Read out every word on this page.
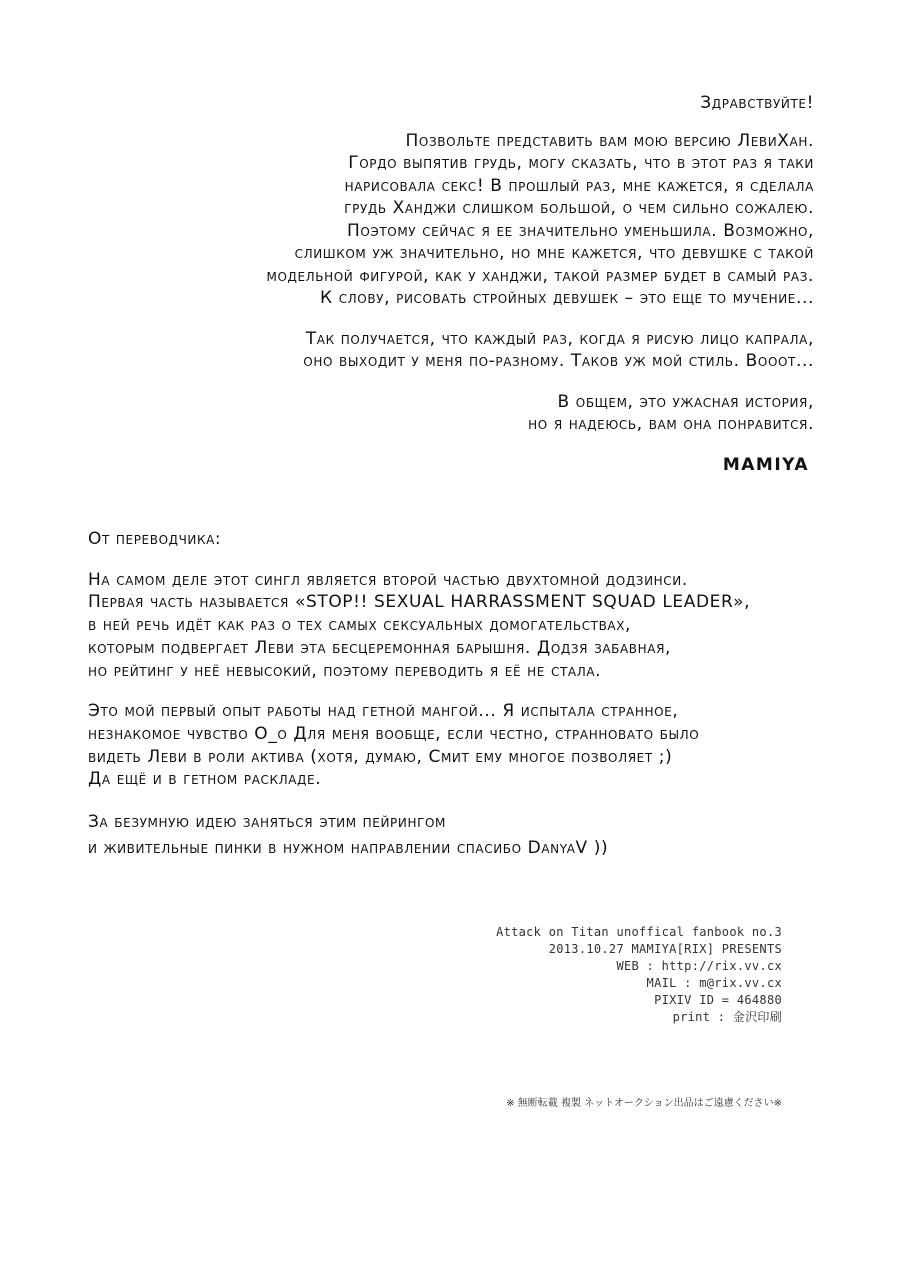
Здравствуйте!
Позвольте представить вам мою версию ЛевиХан.
Гордо выпятив грудь, могу сказать, что в этот раз я таки
нарисовала секс! В прошлый раз, мне кажется, я сделала
грудь Ханджи слишком большой, о чем сильно сожалею.
Поэтому сейчас я ее значительно уменьшила. Возможно,
слишком уж значительно, но мне кажется, что девушке с такой
модельной фигурой, как у ханджи, такой размер будет в самый раз.
К слову, рисовать стройных девушек – это еще то мучение...
Так получается, что каждый раз, когда я рисую лицо капрала,
оно выходит у меня по-разному. Таков уж мой стиль. Вооот...
В общем, это ужасная история,
но я надеюсь, вам она понравится.
MAMIYA
От переводчика:
На самом деле этот сингл является второй частью двухтомной додзинси.
Первая часть называется «STOP!! SEXUAL HARRASSMENT SQUAD LEADER»,
в ней речь идёт как раз о тех самых сексуальных домогательствах,
которым подвергает Леви эта бесцеремонная барышня. Додзя забавная,
но рейтинг у неё невысокий, поэтому переводить я её не стала.
Это мой первый опыт работы над гетной мангой... Я испытала странное,
незнакомое чувство О_о Для меня вообще, если честно, странновато было
видеть Леви в роли актива (хотя, думаю, Смит ему многое позволяет ;)
Да ещё и в гетном раскладе.
За безумную идею заняться этим пейрингом
и живительные пинки в нужном направлении спасибо DanyaV ))
Attack on Titan unoffical fanbook no.3
2013.10.27 MAMIYA[RIX] PRESENTS
WEB : http://rix.vv.cx
MAIL : m@rix.vv.cx
PIXIV ID = 464880
print : 金沢印刷
※ 無断転載 複製 ネットオークション出品はご遠慮ください※
